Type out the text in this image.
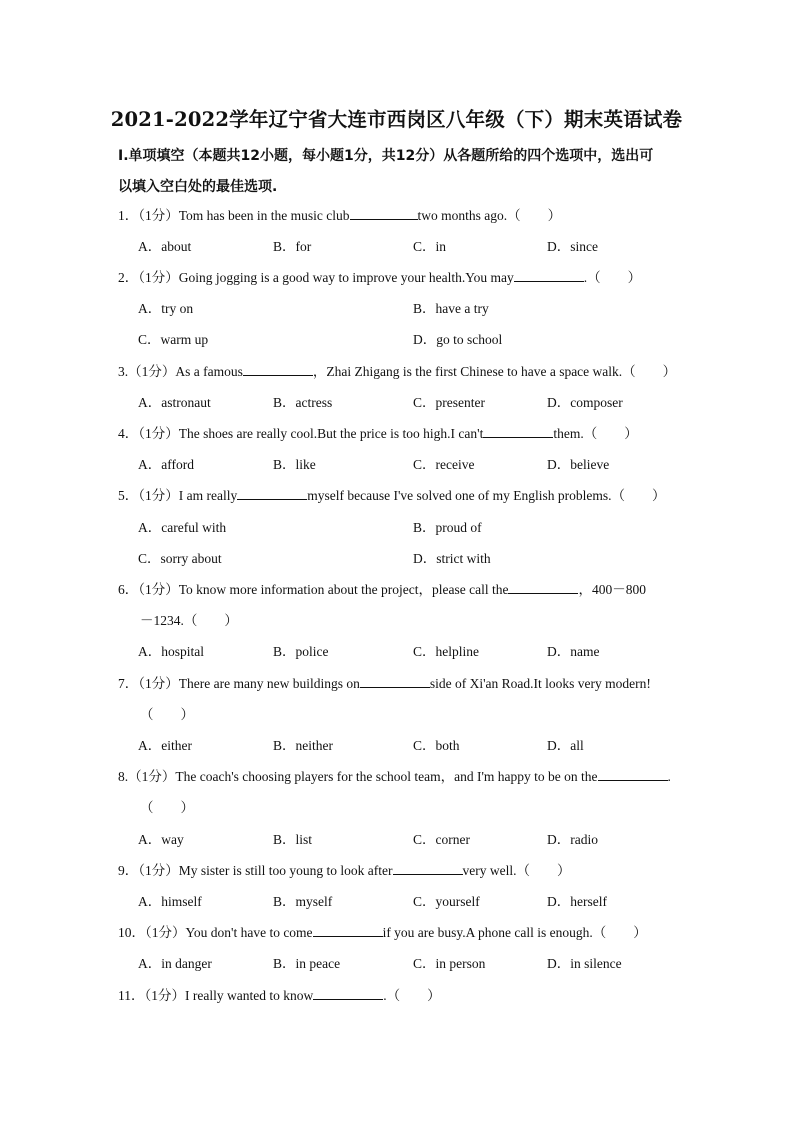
2021-2022学年辽宁省大连市西岗区八年级（下）期末英语试卷
Ⅰ.单项填空（本题共12小题，每小题1分，共12分）从各题所给的四个选项中，选出可
以填入空白处的最佳选项.
1．（1分）Tom has been in the music club	two months ago.（　　）
A．about	B．for	C．in	D．since
2．（1分）Going jogging is a good way to improve your health.You may	.（　　）
A．try on	B．have a try
C．warm up	D．go to school
3.（1分）As a famous	，Zhai Zhigang is the first Chinese to have a space walk.（　　）
A．astronaut	B．actress	C．presenter	D．composer
4．（1分）The shoes are really cool.But the price is too high.I can't	them.（　　）
A．afford	B．like	C．receive	D．believe
5．（1分）I am really	myself because I've solved one of my English problems.（　　）
A．careful with	B．proud of
C．sorry about	D．strict with
6．（1分）To know more information about the project，please call the	，400－800
－1234.（　　）
A．hospital	B．police	C．helpline	D．name
7．（1分）There are many new buildings on	side of Xi'an Road.It looks very modern!
（　　）
A．either	B．neither	C．both	D．all
8.（1分）The coach's choosing players for the school team，and I'm happy to be on the	.
（　　）
A．way	B．list	C．corner	D．radio
9．（1分）My sister is still too young to look after	very well.（　　）
A．himself	B．myself	C．yourself	D．herself
10．（1分）You don't have to come	if you are busy.A phone call is enough.（　　）
A．in danger	B．in peace	C．in person	D．in silence
11．（1分）I really wanted to know	.（　　）
